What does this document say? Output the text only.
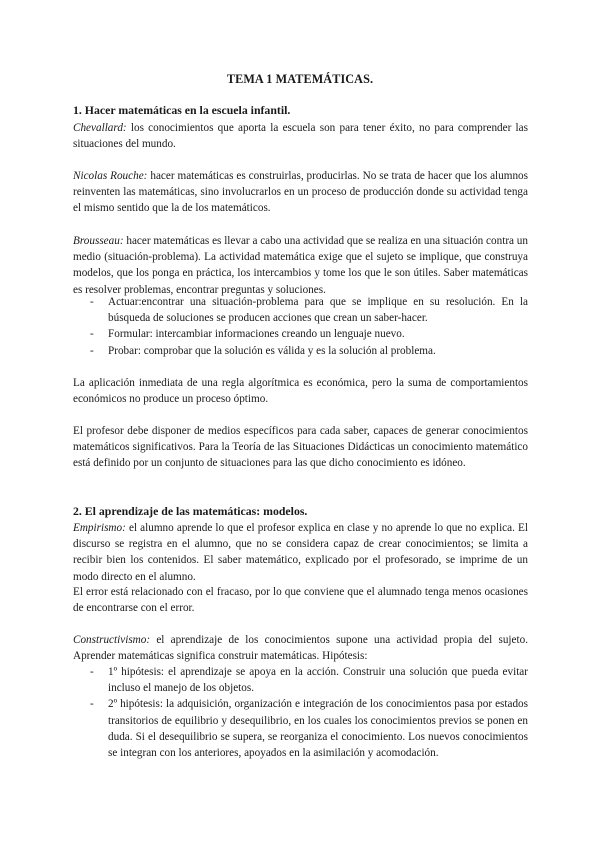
TEMA 1 MATEMÁTICAS.
1. Hacer matemáticas en la escuela infantil.
Chevallard: los conocimientos que aporta la escuela son para tener éxito, no para comprender las situaciones del mundo.
Nicolas Rouche: hacer matemáticas es construirlas, producirlas. No se trata de hacer que los alumnos reinventen las matemáticas, sino involucrarlos en un proceso de producción donde su actividad tenga el mismo sentido que la de los matemáticos.
Brousseau: hacer matemáticas es llevar a cabo una actividad que se realiza en una situación contra un medio (situación-problema). La actividad matemática exige que el sujeto se implique, que construya modelos, que los ponga en práctica, los intercambios y tome los que le son útiles. Saber matemáticas es resolver problemas, encontrar preguntas y soluciones.
- Actuar:encontrar una situación-problema para que se implique en su resolución. En la búsqueda de soluciones se producen acciones que crean un saber-hacer.
- Formular: intercambiar informaciones creando un lenguaje nuevo.
- Probar: comprobar que la solución es válida y es la solución al problema.
La aplicación inmediata de una regla algorítmica es económica, pero la suma de comportamientos económicos no produce un proceso óptimo.
El profesor debe disponer de medios específicos para cada saber, capaces de generar conocimientos matemáticos significativos. Para la Teoría de las Situaciones Didácticas un conocimiento matemático está definido por un conjunto de situaciones para las que dicho conocimiento es idóneo.
2. El aprendizaje de las matemáticas: modelos.
Empirismo: el alumno aprende lo que el profesor explica en clase y no aprende lo que no explica. El discurso se registra en el alumno, que no se considera capaz de crear conocimientos; se limita a recibir bien los contenidos. El saber matemático, explicado por el profesorado, se imprime de un modo directo en el alumno.
El error está relacionado con el fracaso, por lo que conviene que el alumnado tenga menos ocasiones de encontrarse con el error.
Constructivismo: el aprendizaje de los conocimientos supone una actividad propia del sujeto. Aprender matemáticas significa construir matemáticas. Hipótesis:
- 1º hipótesis: el aprendizaje se apoya en la acción. Construir una solución que pueda evitar incluso el manejo de los objetos.
- 2º hipótesis: la adquisición, organización e integración de los conocimientos pasa por estados transitorios de equilibrio y desequilibrio, en los cuales los conocimientos previos se ponen en duda. Si el desequilibrio se supera, se reorganiza el conocimiento. Los nuevos conocimientos se integran con los anteriores, apoyados en la asimilación y acomodación.
